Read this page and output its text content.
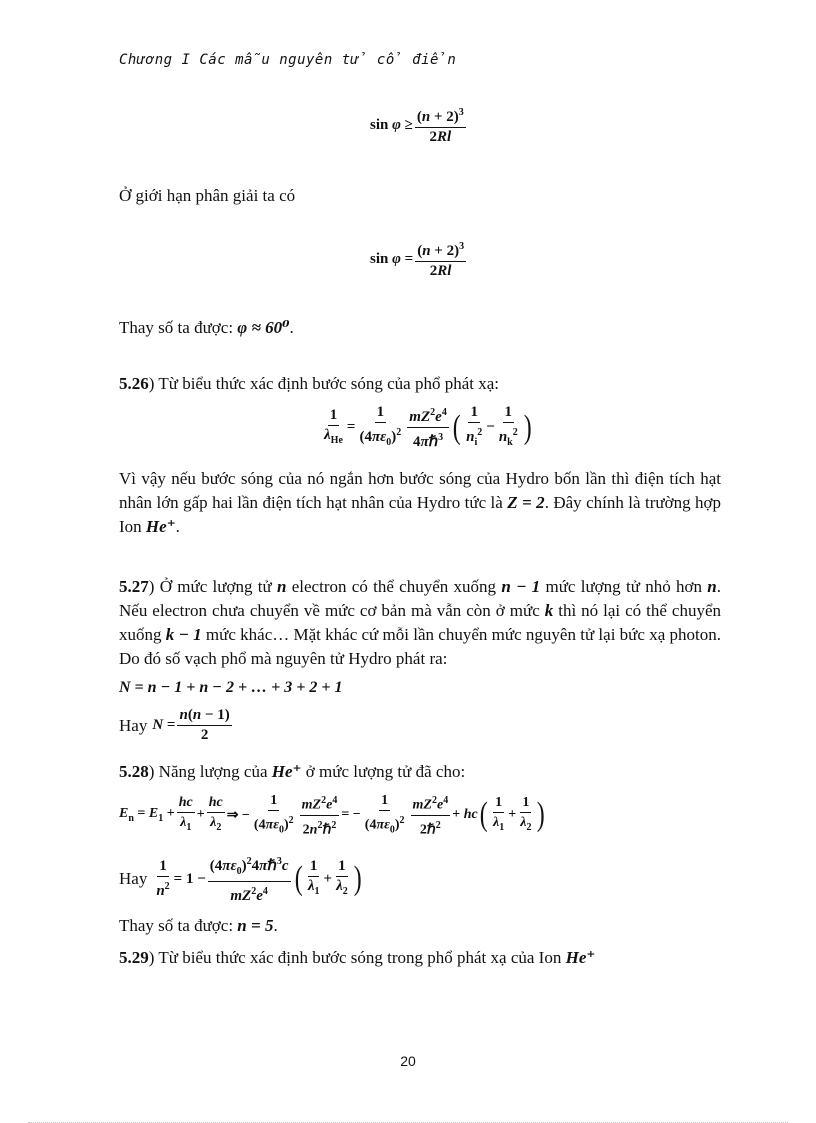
Chương I Các mẫu nguyên tử cổ điển
$\sin \varphi \ge \frac{(n + 2)^3}{2Rl}$
Ở giới hạn phân giải ta có
$\sin \varphi = \frac{(n + 2)^3}{2Rl}$
Thay số ta được: φ ≈ 60⁰.
5.26) Từ biểu thức xác định bước sóng của phổ phát xạ:
$\frac{1}{\lambda_{He}} = \frac{1}{(4\pi\varepsilon_0)^2} \frac{mZ^2e^4}{4\pi\hbar^3}$ ( $\frac{1}{n_i^2} - \frac{1}{n_k^2}$ )
Vì vậy nếu bước sóng của nó ngắn hơn bước sóng của Hydro bốn lần thì điện tích hạt nhân lớn gấp hai lần điện tích hạt nhân của Hydro tức là Z = 2. Đây chính là trường hợp Ion He⁺.
5.27) Ở mức lượng tử n electron có thể chuyển xuống n − 1 mức lượng tử nhỏ hơn n. Nếu electron chưa chuyển về mức cơ bản mà vẫn còn ở mức k thì nó lại có thể chuyển xuống k − 1 mức khác… Mặt khác cứ mỗi lần chuyển mức nguyên tử lại bức xạ photon. Do đó số vạch phổ mà nguyên tử Hydro phát ra:
N = n − 1 + n − 2 + … + 3 + 2 + 1
Hay $N = \frac{n(n - 1)}{2}$
5.28) Năng lượng của He⁺ ở mức lượng tử đã cho:
$E_n = E_1 + \frac{hc}{\lambda_1} + \frac{hc}{\lambda_2}$ ⇒ − $\frac{1}{(4\pi\varepsilon_0)^2} \frac{mZ^2e^4}{2n^2\hbar^2}$ = − $\frac{1}{(4\pi\varepsilon_0)^2} \frac{mZ^2e^4}{2\hbar^2}$ + hc ( $\frac{1}{\lambda_1} + \frac{1}{\lambda_2}$ )
Hay $\frac{1}{n^2} = 1 - \frac{(4\pi\varepsilon_0)^24\pi\hbar^3c}{mZ^2e^4}$ ( $\frac{1}{\lambda_1} + \frac{1}{\lambda_2}$ )
Thay số ta được: n = 5.
5.29) Từ biểu thức xác định bước sóng trong phổ phát xạ của Ion He⁺
20
